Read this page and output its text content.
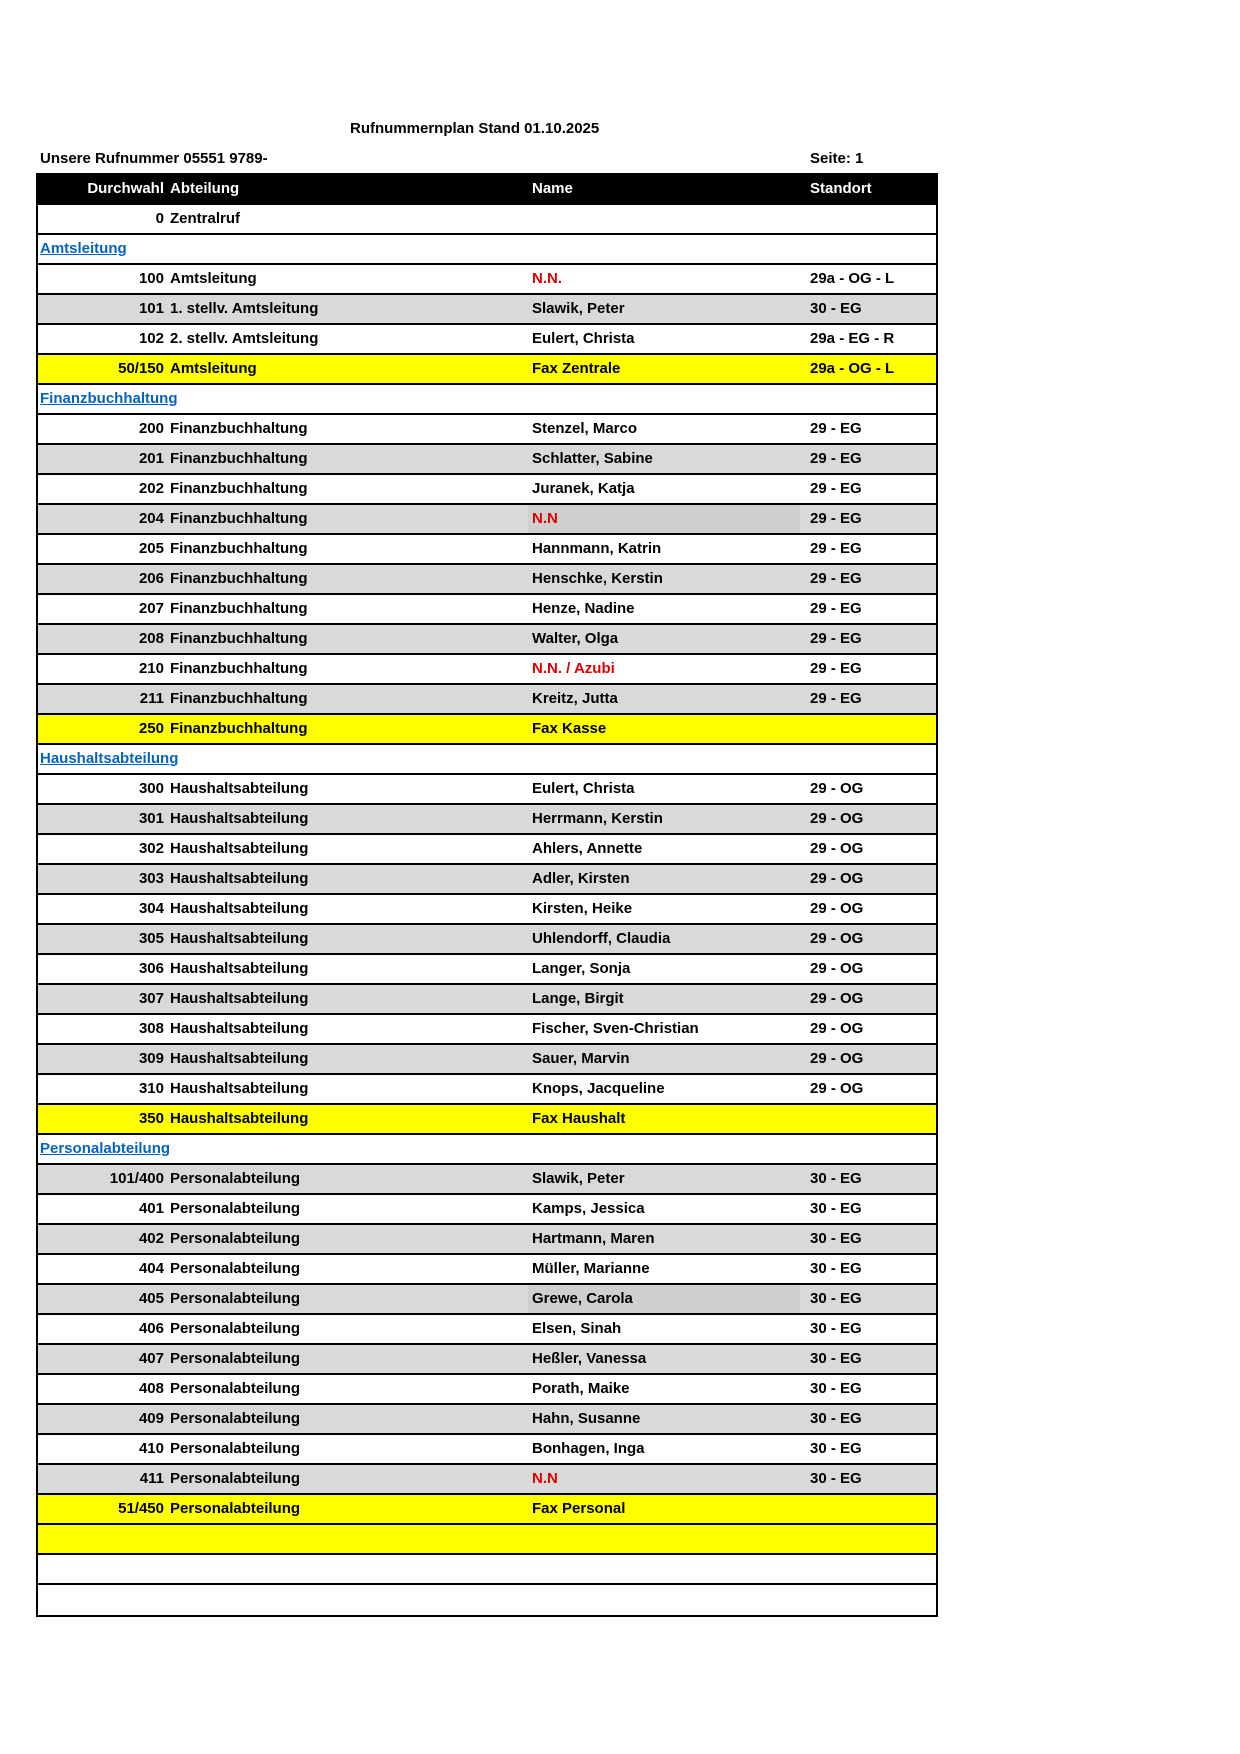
Rufnummernplan Stand 01.10.2025
Unsere Rufnummer 05551 9789-	Seite: 1
Durchwahl Abteilung	Name	Standort
0 Zentralruf
Amtsleitung
100 Amtsleitung	N.N.	29a - OG - L
101 1. stellv. Amtsleitung	Slawik, Peter	30 - EG
102 2. stellv. Amtsleitung	Eulert, Christa	29a - EG - R
50/150 Amtsleitung	Fax Zentrale	29a - OG - L
Finanzbuchhaltung
200 Finanzbuchhaltung	Stenzel, Marco	29 - EG
201 Finanzbuchhaltung	Schlatter, Sabine	29 - EG
202 Finanzbuchhaltung	Juranek, Katja	29 - EG
204 Finanzbuchhaltung	N.N	29 - EG
205 Finanzbuchhaltung	Hannmann, Katrin	29 - EG
206 Finanzbuchhaltung	Henschke, Kerstin	29 - EG
207 Finanzbuchhaltung	Henze, Nadine	29 - EG
208 Finanzbuchhaltung	Walter, Olga	29 - EG
210 Finanzbuchhaltung	N.N. / Azubi	29 - EG
211 Finanzbuchhaltung	Kreitz, Jutta	29 - EG
250 Finanzbuchhaltung	Fax Kasse
Haushaltsabteilung
300 Haushaltsabteilung	Eulert, Christa	29 - OG
301 Haushaltsabteilung	Herrmann, Kerstin	29 - OG
302 Haushaltsabteilung	Ahlers, Annette	29 - OG
303 Haushaltsabteilung	Adler, Kirsten	29 - OG
304 Haushaltsabteilung	Kirsten, Heike	29 - OG
305 Haushaltsabteilung	Uhlendorff, Claudia	29 - OG
306 Haushaltsabteilung	Langer, Sonja	29 - OG
307 Haushaltsabteilung	Lange, Birgit	29 - OG
308 Haushaltsabteilung	Fischer, Sven-Christian	29 - OG
309 Haushaltsabteilung	Sauer, Marvin	29 - OG
310 Haushaltsabteilung	Knops, Jacqueline	29 - OG
350 Haushaltsabteilung	Fax Haushalt
Personalabteilung
101/400 Personalabteilung	Slawik, Peter	30 - EG
401 Personalabteilung	Kamps, Jessica	30 - EG
402 Personalabteilung	Hartmann, Maren	30 - EG
404 Personalabteilung	Müller, Marianne	30 - EG
405 Personalabteilung	Grewe, Carola	30 - EG
406 Personalabteilung	Elsen, Sinah	30 - EG
407 Personalabteilung	Heßler, Vanessa	30 - EG
408 Personalabteilung	Porath, Maike	30 - EG
409 Personalabteilung	Hahn, Susanne	30 - EG
410 Personalabteilung	Bonhagen, Inga	30 - EG
411 Personalabteilung	N.N	30 - EG
51/450 Personalabteilung	Fax Personal
